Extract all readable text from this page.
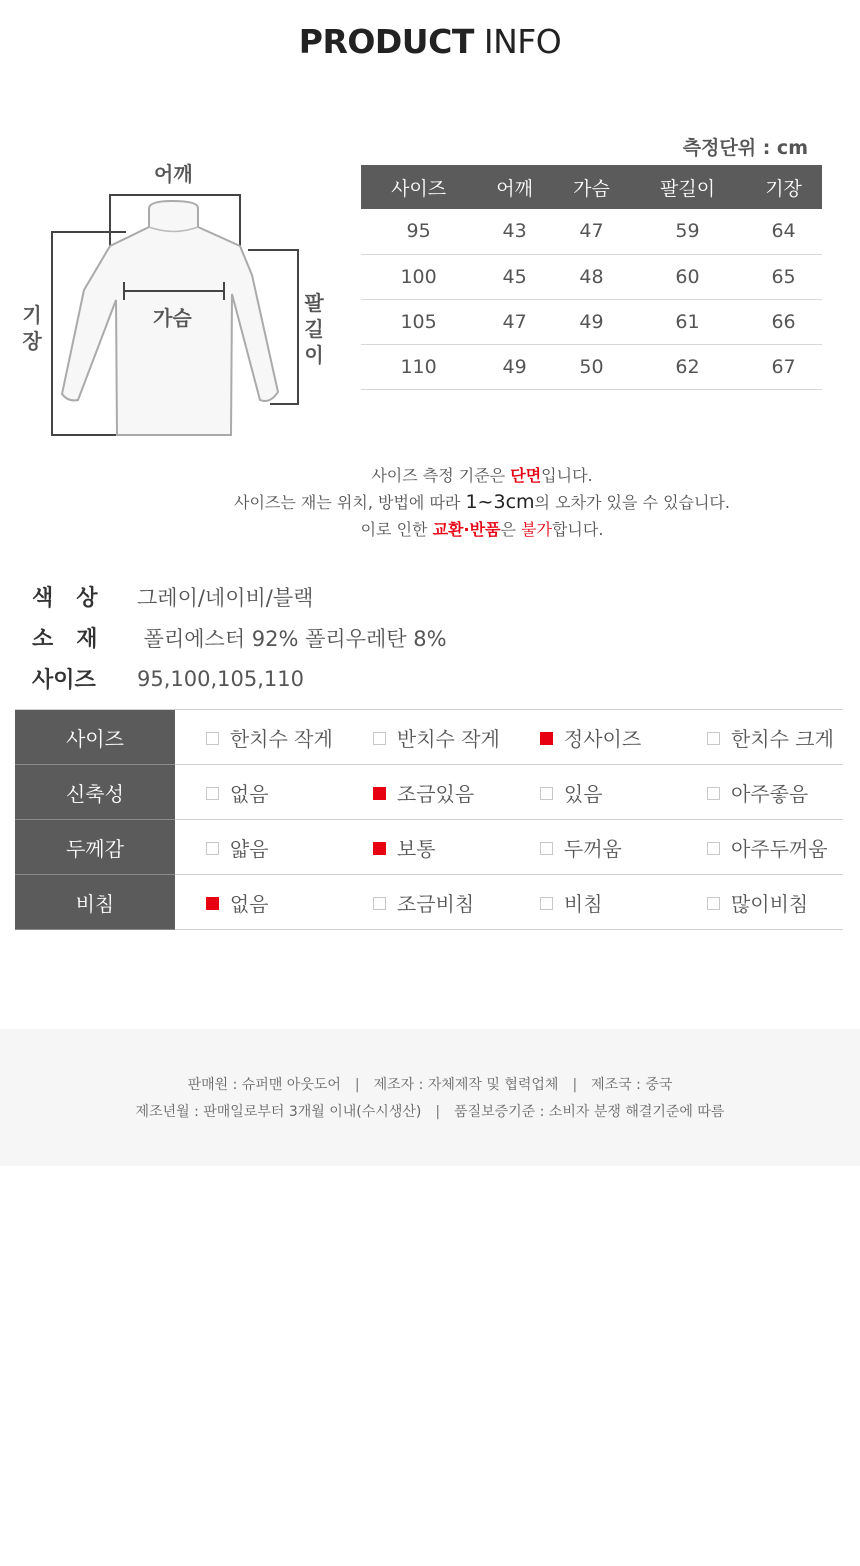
PRODUCT INFO
어깨
가슴
기
장
팔
길
이
측정단위 : cm
사이즈	어깨	가슴	팔길이	기장
95	43	47	59	64
100	45	48	60	65
105	47	49	61	66
110	49	50	62	67
사이즈 측정 기준은 단면입니다.
사이즈는 재는 위치, 방법에 따라 1~3cm의 오차가 있을 수 있습니다.
이로 인한 교환·반품은 불가합니다.
색   상	그레이/네이비/블랙
소   재	폴리에스터 92% 폴리우레탄 8%
사이즈	95,100,105,110
사이즈	한치수 작게	반치수 작게	정사이즈	한치수 크게
신축성	없음	조금있음	있음	아주좋음
두께감	얇음	보통	두꺼움	아주두꺼움
비침	없음	조금비침	비침	많이비침
판매원 : 슈퍼맨 아웃도어 | 제조자 : 자체제작 및 협력업체 | 제조국 : 중국
제조년월 : 판매일로부터 3개월 이내(수시생산) | 품질보증기준 : 소비자 분쟁 해결기준에 따름
